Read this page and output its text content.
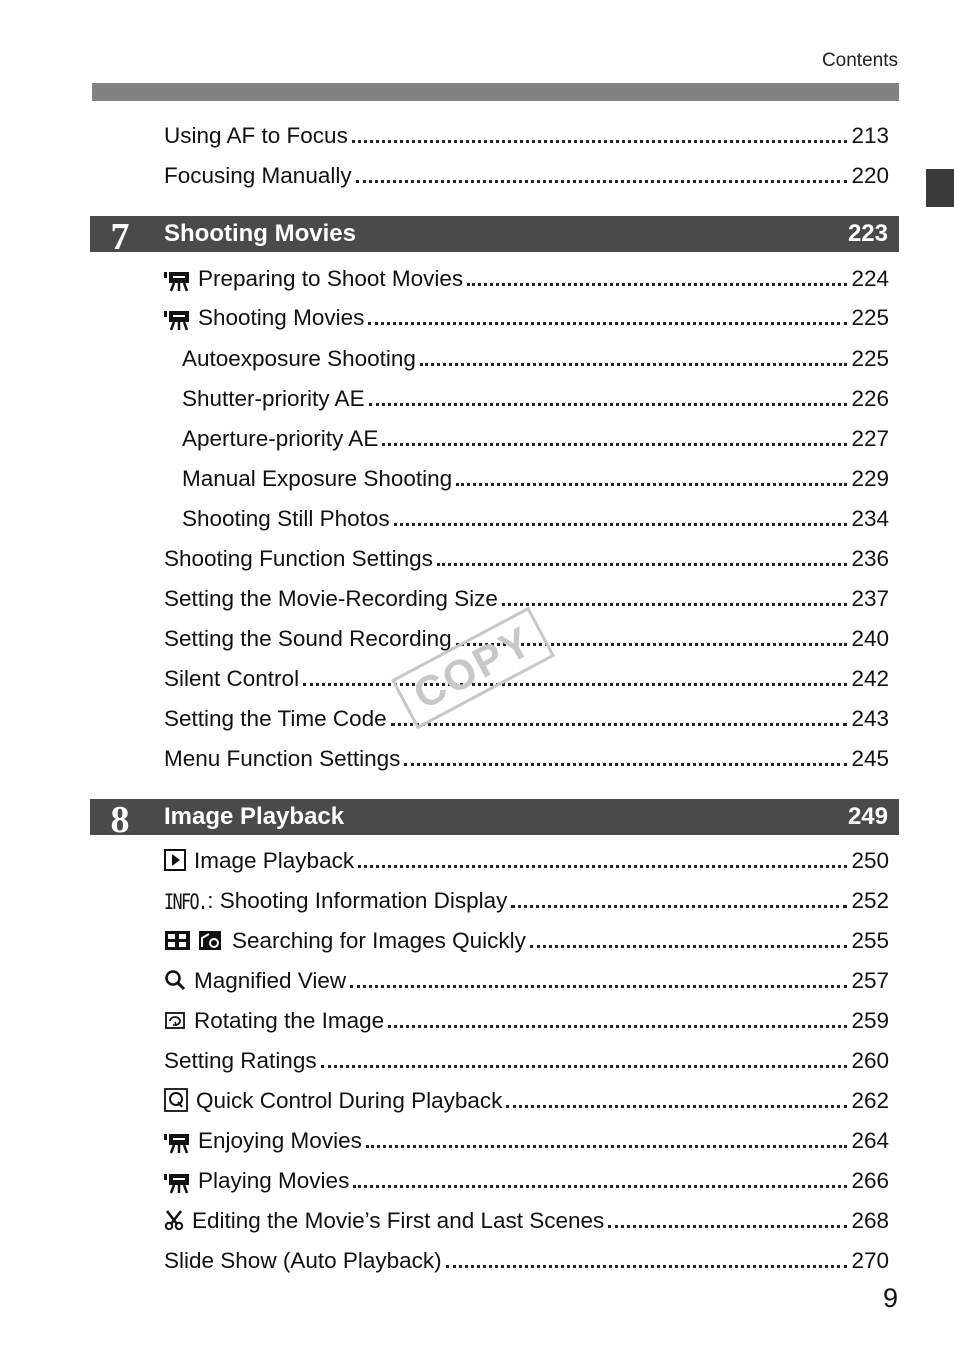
Contents
Using AF to Focus	213
Focusing Manually	220
7	Shooting Movies	223
Preparing to Shoot Movies	224
Shooting Movies	225
Autoexposure Shooting	225
Shutter-priority AE	226
Aperture-priority AE	227
Manual Exposure Shooting	229
Shooting Still Photos	234
Shooting Function Settings	236
Setting the Movie-Recording Size	237
Setting the Sound Recording	240
Silent Control	242
Setting the Time Code	243
Menu Function Settings	245
8	Image Playback	249
Image Playback	250
INFO. : Shooting Information Display	252
Searching for Images Quickly	255
Magnified View	257
Rotating the Image	259
Setting Ratings	260
Quick Control During Playback	262
Enjoying Movies	264
Playing Movies	266
Editing the Movie’s First and Last Scenes	268
Slide Show (Auto Playback)	270
COPY
9
